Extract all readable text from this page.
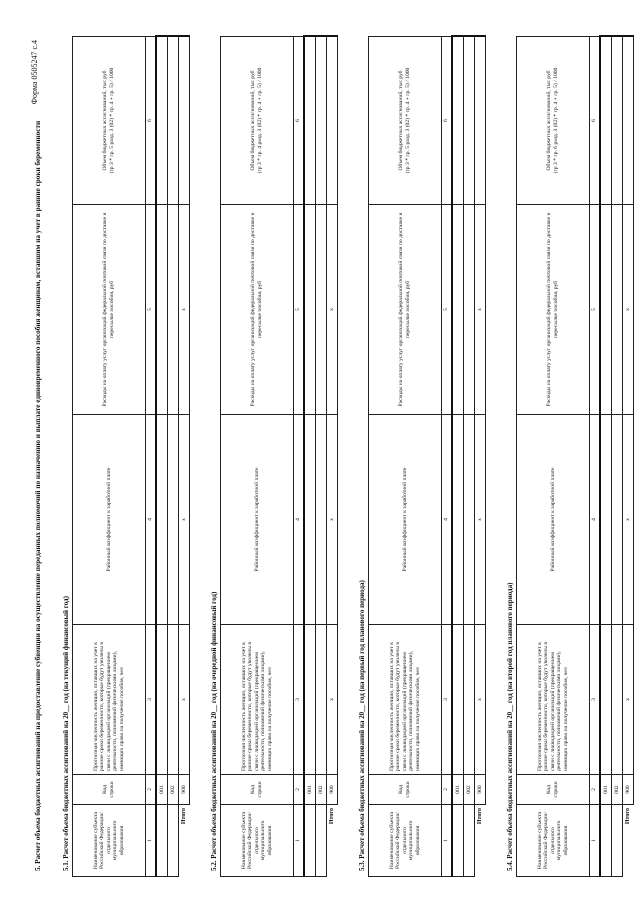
Форма 0505247 с.4
5. Расчет объема бюджетных ассигнований на предоставление субвенции на осуществление переданных полномочий по назначению и выплате единовременного пособия женщинам, вставшим на учет в ранние сроки беременности	5.1. Расчет объема бюджетных ассигнований на 20__ год (на текущий финансовый год)	Наименование субъекта Российской Федерации/ отдельного муниципального образования	Код строки	Прогнозная численность женщин, вставших на учет в ранние сроки беременности, которые будут уволены в связи с ликвидацией организаций (прекращением деятельности, полномочий физическими лицами), имеющих право на получение пособия, чел	Районный коэффициент к заработной плате	Расходы на оплату услуг организаций федеральной почтовой связи по доставке и пересылке пособия, руб	Объем бюджетных ассигнований, тыс руб (гр 3 * гр. 5 разд. 3 (02) * гр. 4 + гр. 5) / 1000

1	2	3	4	5	6
	001				
	002				
Итого	900	x	x	x	
5.2. Расчет объема бюджетных ассигнований на 20__ год (на очередной финансовый год)	Наименование субъекта Российской Федерации/ отдельного муниципального образования	Код строки	Прогнозная численность женщин, вставших на учет в ранние сроки беременности, которые будут уволены в связи с ликвидацией организаций (прекращением деятельности, полномочий физическими лицами), имеющих право на получение пособия, чел	Районный коэффициент к заработной плате	Расходы на оплату услуг организаций федеральной почтовой связи по доставке и пересылке пособия, руб	Объем бюджетных ассигнований, тыс руб (гр 3 * гр. 4 разд. 3 (02) * гр. 4 + гр. 5) / 1000

1	2	3	4	5	6
	001				
	002				
Итого	900	x	x	x	
5.3. Расчет объема бюджетных ассигнований на 20__ год (на первый год планового периода)	Наименование субъекта Российской Федерации/ отдельного муниципального образования	Код строки	Прогнозная численность женщин, вставших на учет в ранние сроки беременности, которые будут уволены в связи с ликвидацией организаций (прекращением деятельности, полномочий физическими лицами), имеющих право на получение пособия, чел	Районный коэффициент к заработной плате	Расходы на оплату услуг организаций федеральной почтовой связи по доставке и пересылке пособия, руб	Объем бюджетных ассигнований, тыс руб (гр 3 * гр. 5 разд. 3 (02) * гр. 4 + гр. 5) / 1000

1	2	3	4	5	6
	001				
	002				
Итого	900	x	x	x	
5.4. Расчет объема бюджетных ассигнований на 20__ год (на второй год планового периода)	Наименование субъекта Российской Федерации/ отдельного муниципального образования	Код строки	Прогнозная численность женщин, вставших на учет в ранние сроки беременности, которые будут уволены в связи с ликвидацией организаций (прекращением деятельности, полномочий физическими лицами), имеющих право на получение пособия, чел	Районный коэффициент к заработной плате	Расходы на оплату услуг организаций федеральной почтовой связи по доставке и пересылке пособия, руб	Объем бюджетных ассигнований, тыс руб (гр 3 * гр. 6 разд. 3 (02) * гр. 4 + гр. 5) / 1000

1	2	3	4	5	6
	001				
	002				
Итого	900	x	x	x	
